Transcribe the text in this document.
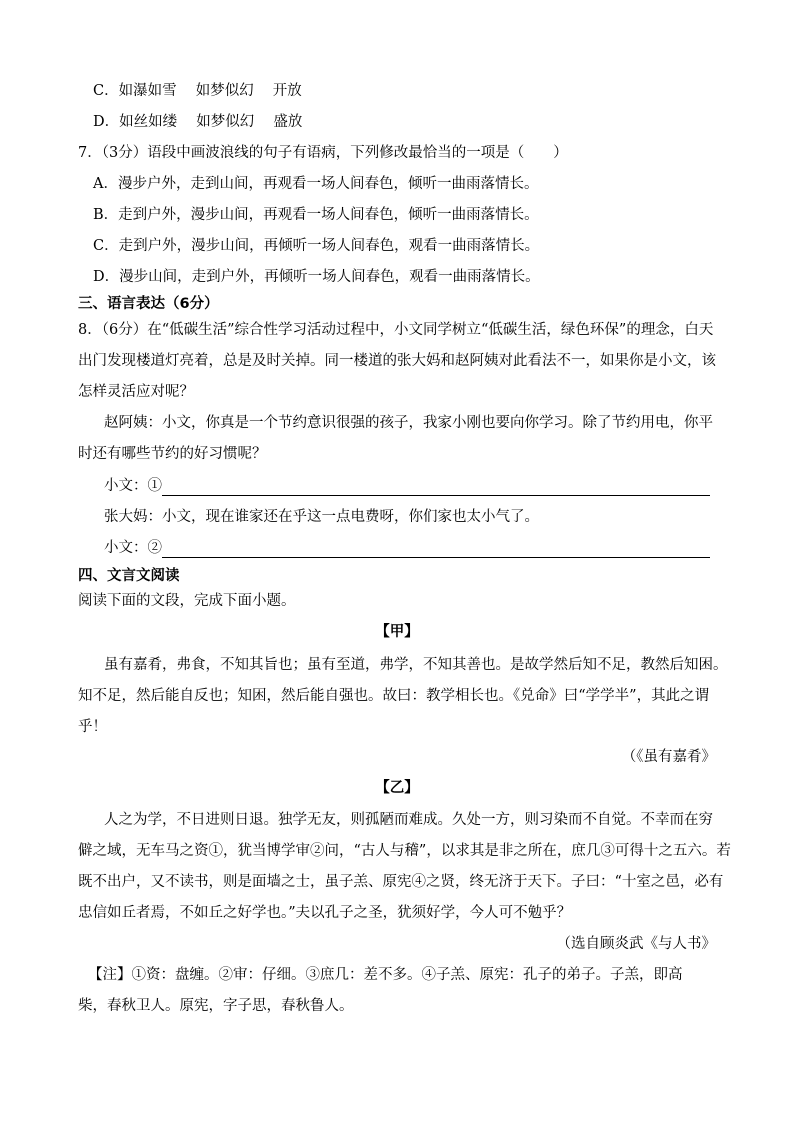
C．如瀑如雪　 如梦似幻　 开放
D．如丝如缕　 如梦似幻　 盛放
7．（3分）语段中画波浪线的句子有语病，下列修改最恰当的一项是（　　）
A．漫步户外，走到山间，再观看一场人间春色，倾听一曲雨落情长。
B．走到户外，漫步山间，再观看一场人间春色，倾听一曲雨落情长。
C．走到户外，漫步山间，再倾听一场人间春色，观看一曲雨落情长。
D．漫步山间，走到户外，再倾听一场人间春色，观看一曲雨落情长。
三、语言表达（6分）
8．（6分）在“低碳生活”综合性学习活动过程中，小文同学树立“低碳生活，绿色环保”的理念，白天
出门发现楼道灯亮着，总是及时关掉。同一楼道的张大妈和赵阿姨对此看法不一，如果你是小文，该
怎样灵活应对呢？
赵阿姨：小文，你真是一个节约意识很强的孩子，我家小刚也要向你学习。除了节约用电，你平
时还有哪些节约的好习惯呢？
小文：①
张大妈：小文，现在谁家还在乎这一点电费呀，你们家也太小气了。
小文：②
四、文言文阅读
阅读下面的文段，完成下面小题。
【甲】
虽有嘉肴，弗食，不知其旨也；虽有至道，弗学，不知其善也。是故学然后知不足，教然后知困。
知不足，然后能自反也；知困，然后能自强也。故曰：教学相长也。《兑命》曰“学学半”，其此之谓
乎！
（《虽有嘉肴》
【乙】
人之为学，不日进则日退。独学无友，则孤陋而难成。久处一方，则习染而不自觉。不幸而在穷
僻之域，无车马之资①，犹当博学审②问，“古人与稽”，以求其是非之所在，庶几③可得十之五六。若
既不出户，又不读书，则是面墙之士，虽子羔、原宪④之贤，终无济于天下。子曰：“十室之邑，必有
忠信如丘者焉，不如丘之好学也。”夫以孔子之圣，犹须好学，今人可不勉乎？
（选自顾炎武《与人书》
【注】①资：盘缠。②审：仔细。③庶几：差不多。④子羔、原宪：孔子的弟子。子羔，即高
柴，春秋卫人。原宪，字子思，春秋鲁人。
